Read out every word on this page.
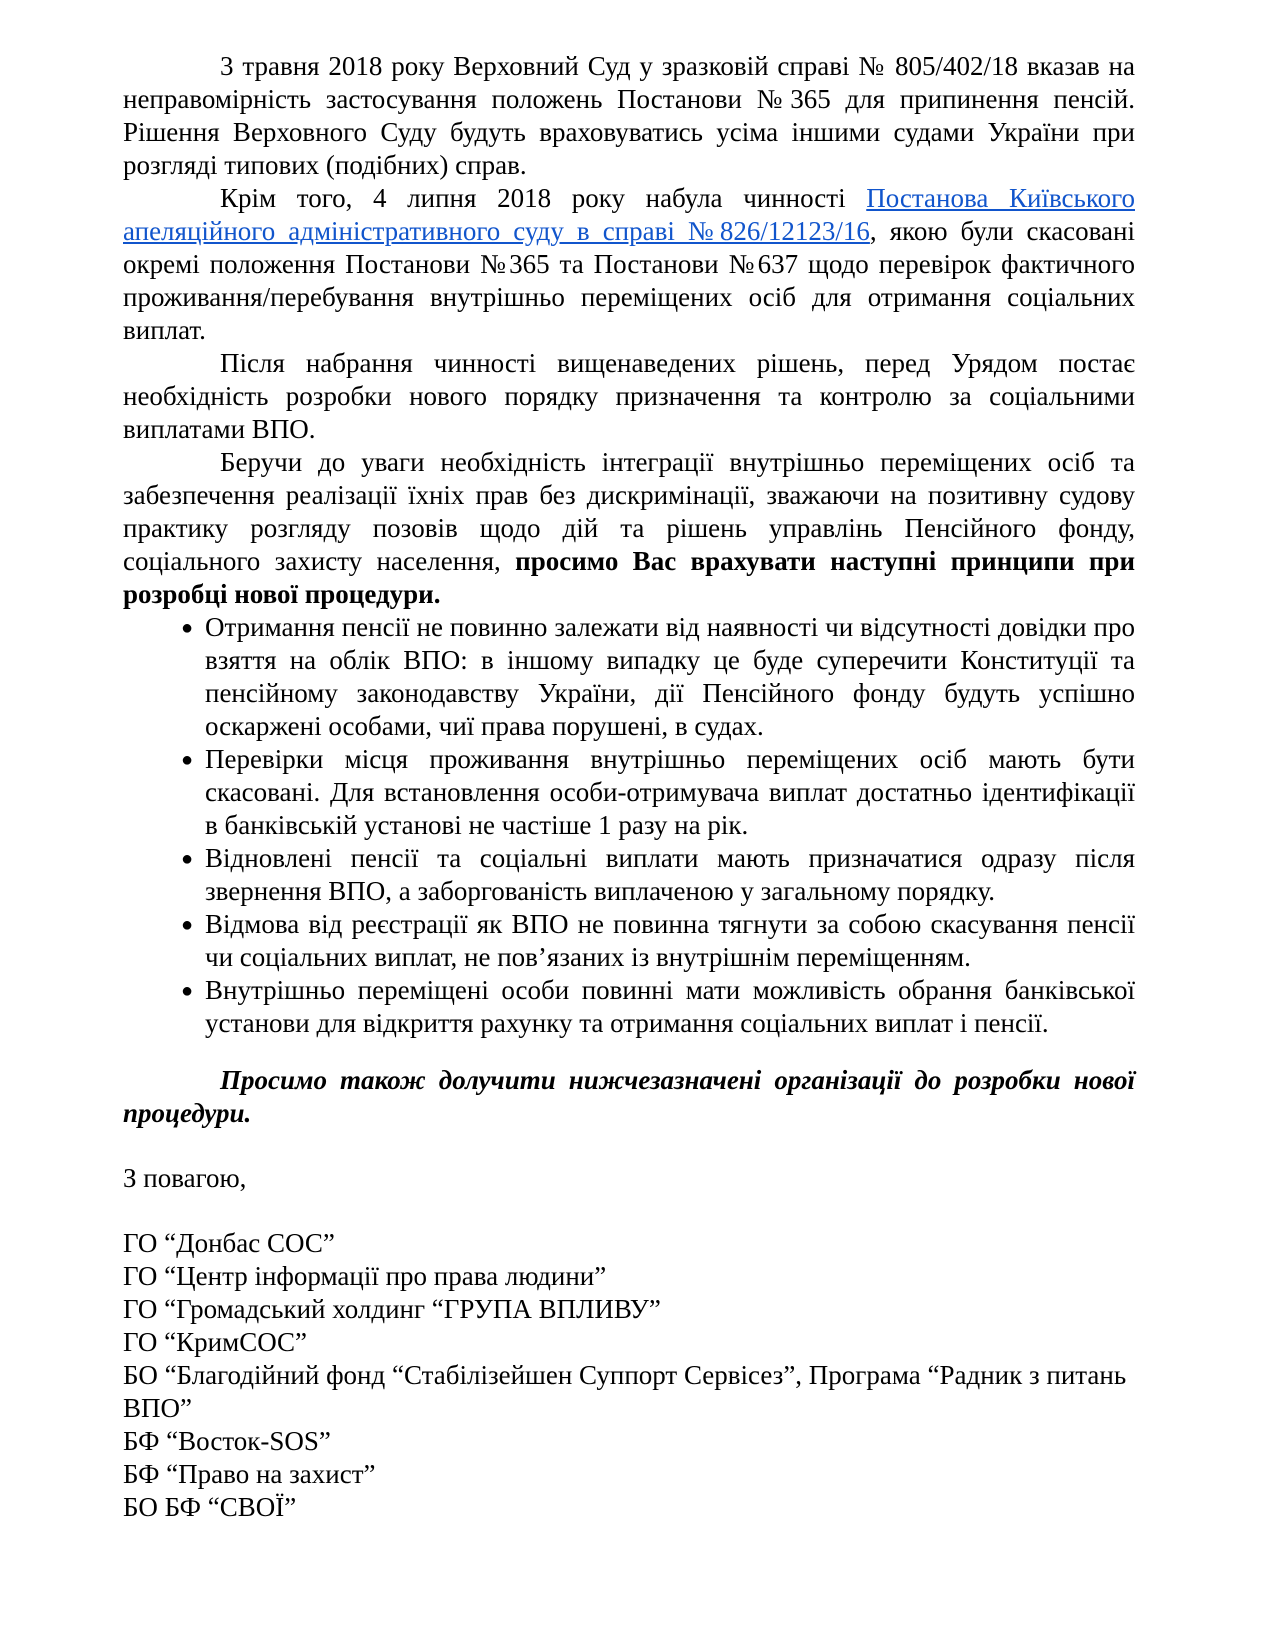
3 травня 2018 року Верховний Суд у зразковій справі № 805/402/18 вказав на неправомірність застосування положень Постанови №365 для припинення пенсій. Рішення Верховного Суду будуть враховуватись усіма іншими судами України при розгляді типових (подібних) справ.

Крім того, 4 липня 2018 року набула чинності Постанова Київського апеляційного адміністративного суду в справі №826/12123/16, якою були скасовані окремі положення Постанови №365 та Постанови №637 щодо перевірок фактичного проживання/перебування внутрішньо переміщених осіб для отримання соціальних виплат.

Після набрання чинності вищенаведених рішень, перед Урядом постає необхідність розробки нового порядку призначення та контролю за соціальними виплатами ВПО.

Беручи до уваги необхідність інтеграції внутрішньо переміщених осіб та забезпечення реалізації їхніх прав без дискримінації, зважаючи на позитивну судову практику розгляду позовів щодо дій та рішень управлінь Пенсійного фонду, соціального захисту населення, просимо Вас врахувати наступні принципи при розробці нової процедури.

● Отримання пенсії не повинно залежати від наявності чи відсутності довідки про взяття на облік ВПО: в іншому випадку це буде суперечити Конституції та пенсійному законодавству України, дії Пенсійного фонду будуть успішно оскаржені особами, чиї права порушені, в судах.
● Перевірки місця проживання внутрішньо переміщених осіб мають бути скасовані. Для встановлення особи-отримувача виплат достатньо ідентифікації в банківській установі не частіше 1 разу на рік.
● Відновлені пенсії та соціальні виплати мають призначатися одразу після звернення ВПО, а заборгованість виплаченою у загальному порядку.
● Відмова від реєстрації як ВПО не повинна тягнути за собою скасування пенсії чи соціальних виплат, не пов’язаних із внутрішнім переміщенням.
● Внутрішньо переміщені особи повинні мати можливість обрання банківської установи для відкриття рахунку та отримання соціальних виплат і пенсії.

Просимо також долучити нижчезазначені організації до розробки нової процедури.

З повагою,

ГО “Донбас СОС”
ГО “Центр інформації про права людини”
ГО “Громадський холдинг “ГРУПА ВПЛИВУ”
ГО “КримСОС”
БО “Благодійний фонд “Стабілізейшен Суппорт Сервісез”, Програма “Радник з питань ВПО”
БФ “Восток-SOS”
БФ “Право на захист”
БО БФ “СВОЇ”
